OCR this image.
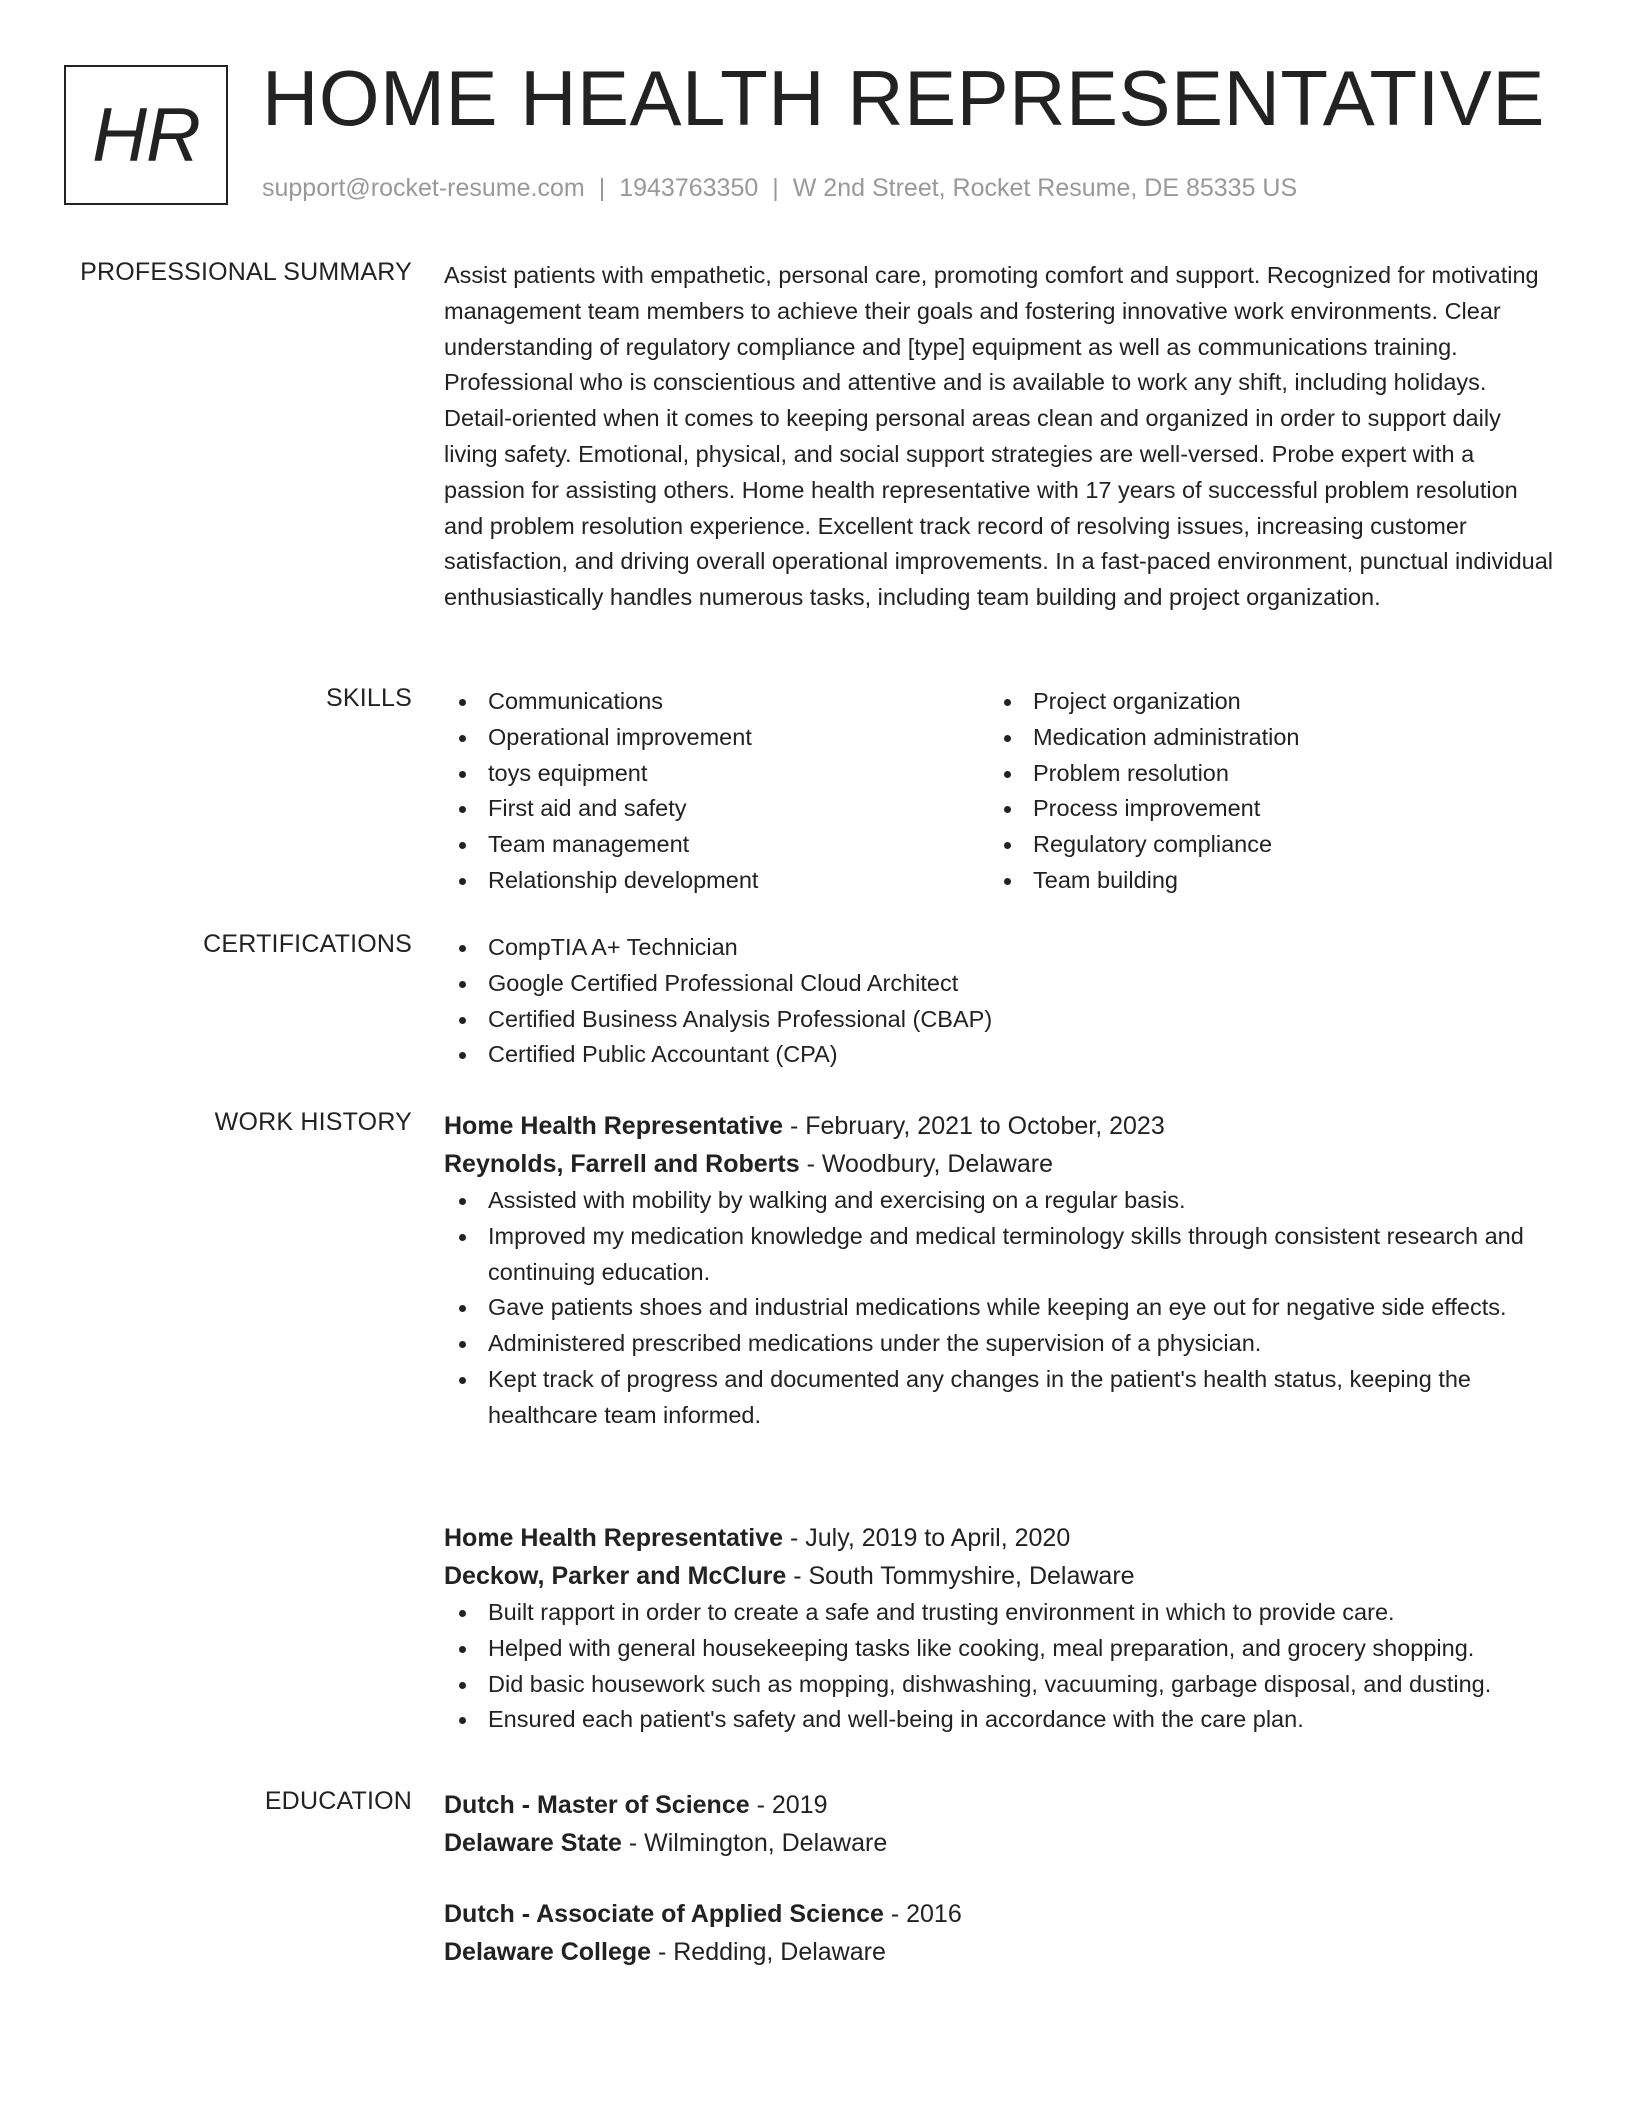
HR HOME HEALTH REPRESENTATIVE
support@rocket-resume.com | 1943763350 | W 2nd Street, Rocket Resume, DE 85335 US
PROFESSIONAL SUMMARY Assist patients with empathetic, personal care, promoting comfort and support. Recognized for motivating management team members to achieve their goals and fostering innovative work environments. Clear understanding of regulatory compliance and [type] equipment as well as communications training. Professional who is conscientious and attentive and is available to work any shift, including holidays. Detail-oriented when it comes to keeping personal areas clean and organized in order to support daily living safety. Emotional, physical, and social support strategies are well-versed. Probe expert with a passion for assisting others. Home health representative with 17 years of successful problem resolution and problem resolution experience. Excellent track record of resolving issues, increasing customer satisfaction, and driving overall operational improvements. In a fast-paced environment, punctual individual enthusiastically handles numerous tasks, including team building and project organization.
SKILLS	Communications
Operational improvement
toys equipment
First aid and safety
Team management
Relationship development
Project organization
Medication administration
Problem resolution
Process improvement
Regulatory compliance
Team building
CERTIFICATIONS	CompTIA A+ Technician
Google Certified Professional Cloud Architect
Certified Business Analysis Professional (CBAP)
Certified Public Accountant (CPA)
WORK HISTORY Home Health Representative - February, 2021 to October, 2023
Reynolds, Farrell and Roberts - Woodbury, Delaware
Assisted with mobility by walking and exercising on a regular basis.
Improved my medication knowledge and medical terminology skills through consistent research and continuing education.
Gave patients shoes and industrial medications while keeping an eye out for negative side effects.
Administered prescribed medications under the supervision of a physician.
Kept track of progress and documented any changes in the patient's health status, keeping the healthcare team informed.
Home Health Representative - July, 2019 to April, 2020
Deckow, Parker and McClure - South Tommyshire, Delaware
Built rapport in order to create a safe and trusting environment in which to provide care.
Helped with general housekeeping tasks like cooking, meal preparation, and grocery shopping.
Did basic housework such as mopping, dishwashing, vacuuming, garbage disposal, and dusting.
Ensured each patient's safety and well-being in accordance with the care plan.
EDUCATION Dutch - Master of Science - 2019
Delaware State - Wilmington, Delaware
Dutch - Associate of Applied Science - 2016
Delaware College - Redding, Delaware
